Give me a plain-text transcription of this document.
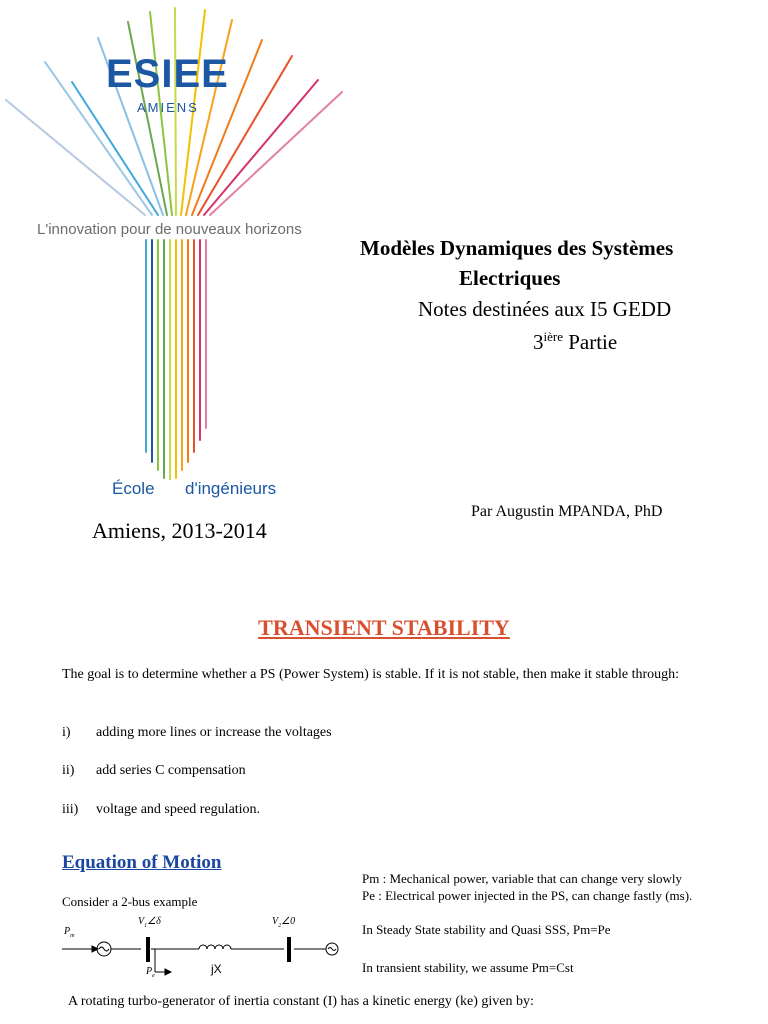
ESIEE
AMIENS
L'innovation pour de nouveaux horizons
École d'ingénieurs
Modèles Dynamiques des Systèmes
Electriques
Notes destinées aux I5 GEDD
$3^{ière}$ Partie
Par Augustin MPANDA, PhD
Amiens, 2013-2014
TRANSIENT STABILITY
The goal is to determine whether a PS (Power System) is stable. If it is not stable, then make it stable through:
i) adding more lines or increase the voltages
ii) add series C compensation
iii) voltage and speed regulation.
Equation of Motion
Consider a 2-bus example
$P_m$
$V_1\angle\delta$	$V_2\angle 0$
$P_e$	jX
Pm : Mechanical power, variable that can change very slowly
Pe : Electrical power injected in the PS, can change fastly (ms).
In Steady State stability and Quasi SSS, Pm=Pe
In transient stability, we assume Pm=Cst
A rotating turbo-generator of inertia constant (I) has a kinetic energy (ke) given by:
